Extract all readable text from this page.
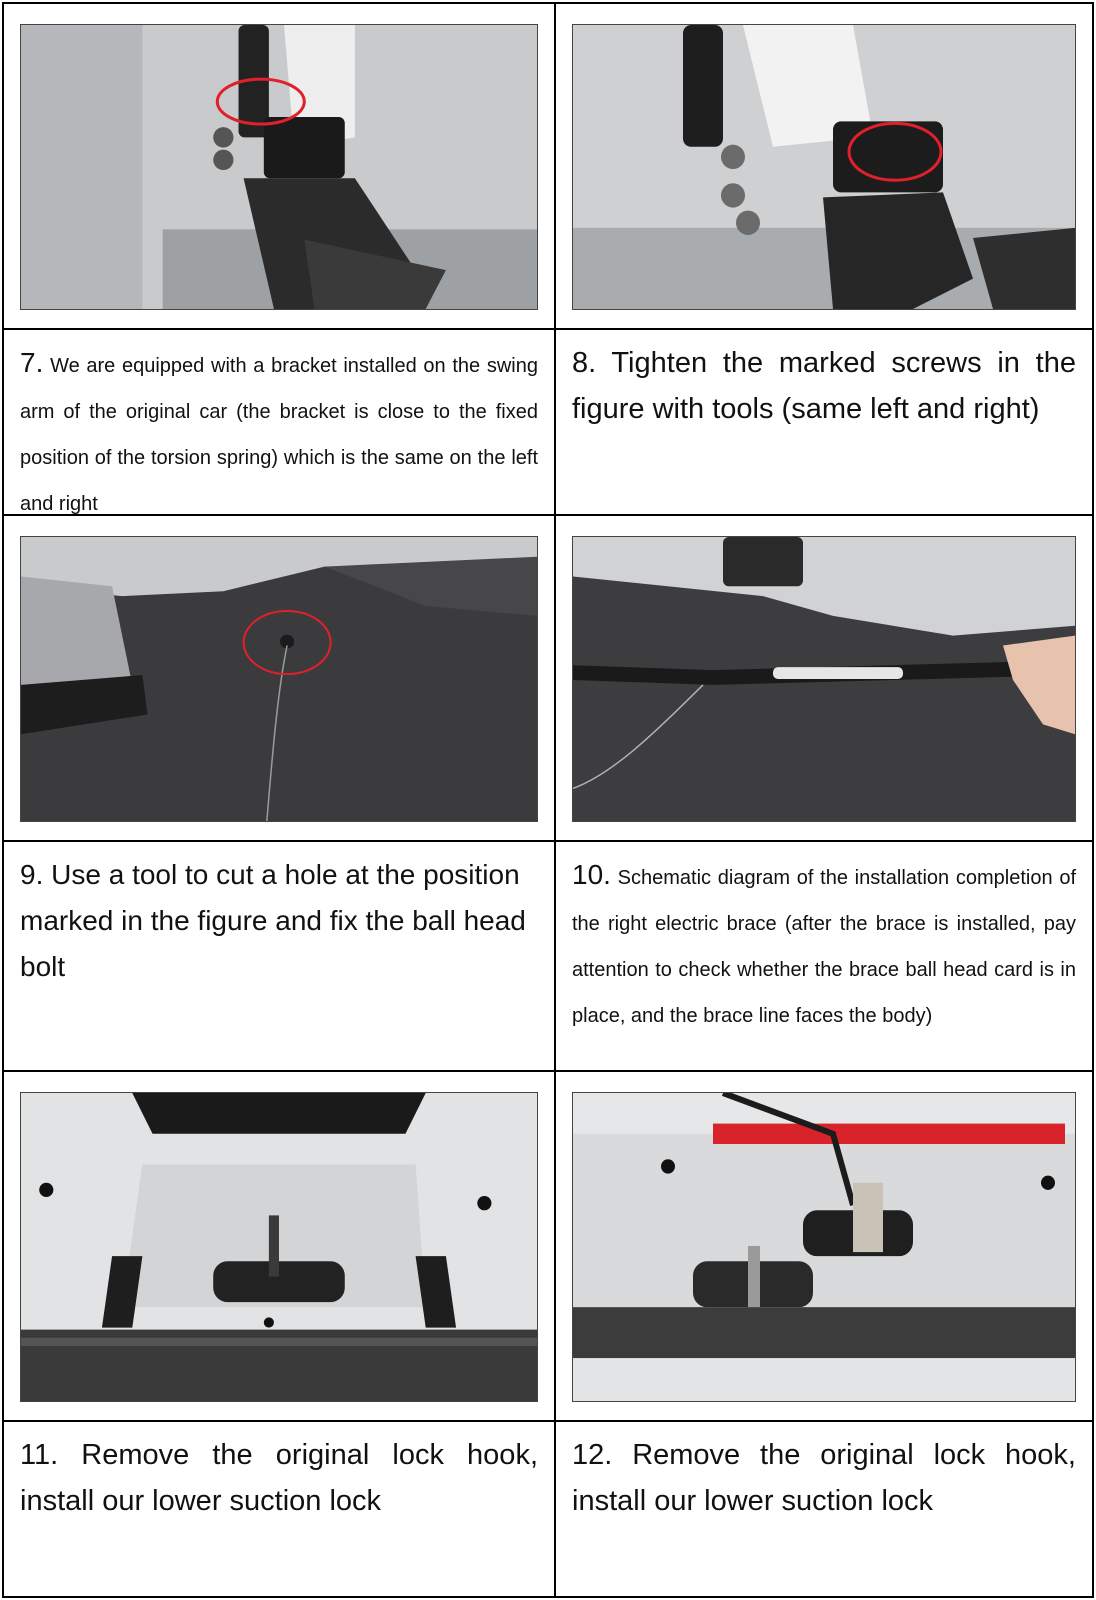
7. We are equipped with a bracket installed on the swing arm of the original car (the bracket is close to the fixed position of the torsion spring) which is the same on the left and right

8. Tighten the marked screws in the figure with tools (same left and right)

9. Use a tool to cut a hole at the position marked in the figure and fix the ball head bolt

10. Schematic diagram of the installation completion of the right electric brace (after the brace is installed, pay attention to check whether the brace ball head card is in place, and the brace line faces the body)

11. Remove the original lock hook, install our lower suction lock

12. Remove the original lock hook, install our lower suction lock
